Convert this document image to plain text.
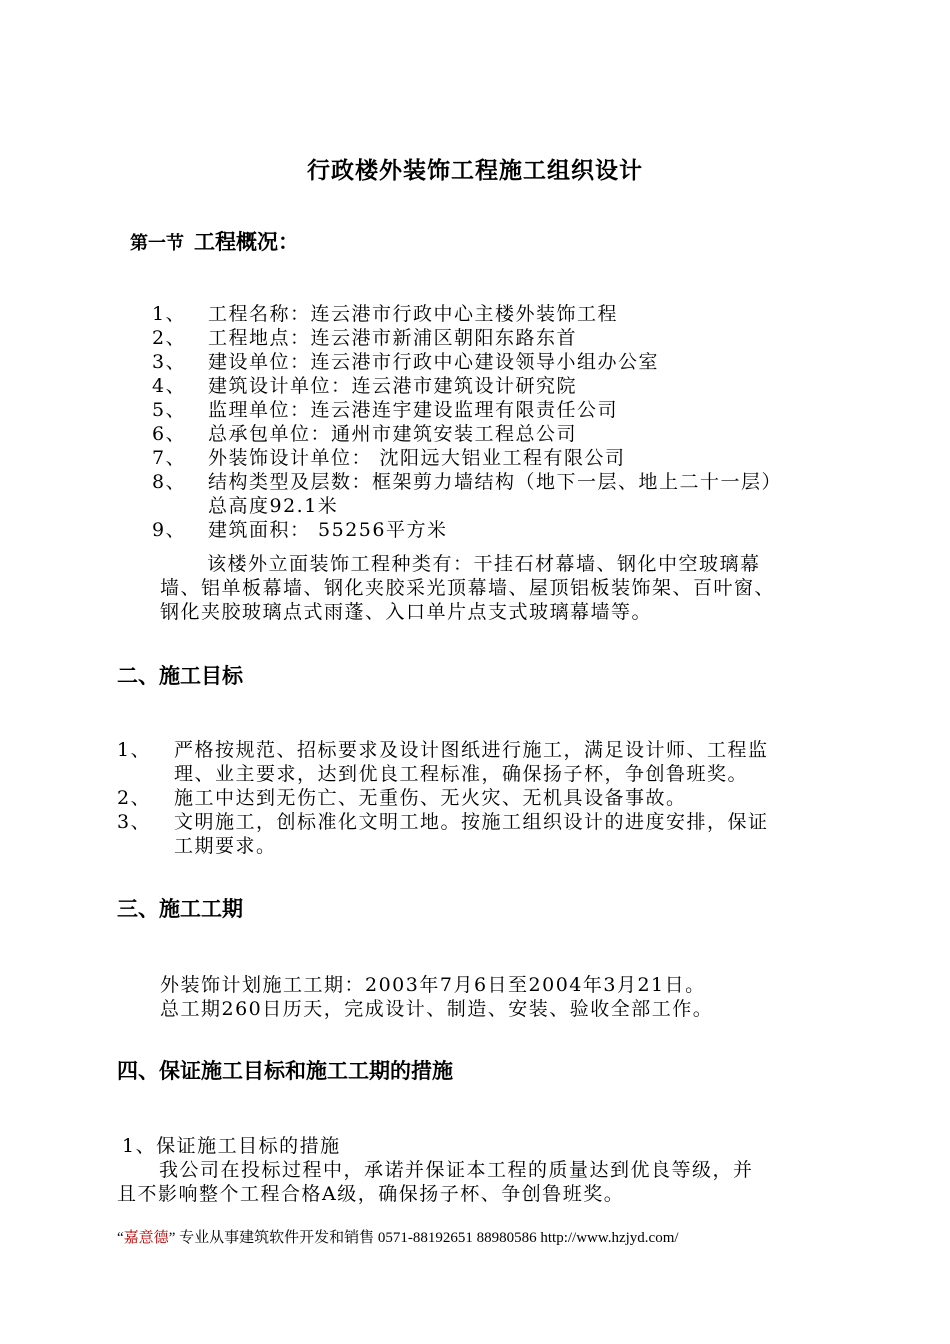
行政楼外装饰工程施工组织设计
第一节 工程概况：
1、 工程名称：连云港市行政中心主楼外装饰工程
2、 工程地点：连云港市新浦区朝阳东路东首
3、 建设单位：连云港市行政中心建设领导小组办公室
4、 建筑设计单位：连云港市建筑设计研究院
5、 监理单位：连云港连宇建设监理有限责任公司
6、 总承包单位：通州市建筑安装工程总公司
7、 外装饰设计单位： 沈阳远大铝业工程有限公司
8、 结构类型及层数：框架剪力墙结构（地下一层、地上二十一层）
总高度92.1米
9、 建筑面积： 55256平方米
该楼外立面装饰工程种类有：干挂石材幕墙、钢化中空玻璃幕
墙、铝单板幕墙、钢化夹胶采光顶幕墙、屋顶铝板装饰架、百叶窗、
钢化夹胶玻璃点式雨蓬、入口单片点支式玻璃幕墙等。
二、施工目标
1、 严格按规范、招标要求及设计图纸进行施工，满足设计师、工程监
理、业主要求，达到优良工程标准，确保扬子杯，争创鲁班奖。
2、 施工中达到无伤亡、无重伤、无火灾、无机具设备事故。
3、 文明施工，创标准化文明工地。按施工组织设计的进度安排，保证
工期要求。
三、施工工期
外装饰计划施工工期：2003年7月6日至2004年3月21日。
总工期260日历天，完成设计、制造、安装、验收全部工作。
四、保证施工目标和施工工期的措施
1、保证施工目标的措施
我公司在投标过程中，承诺并保证本工程的质量达到优良等级，并
且不影响整个工程合格A级，确保扬子杯、争创鲁班奖。
“嘉意德” 专业从事建筑软件开发和销售 0571-88192651 88980586 http://www.hzjyd.com/
